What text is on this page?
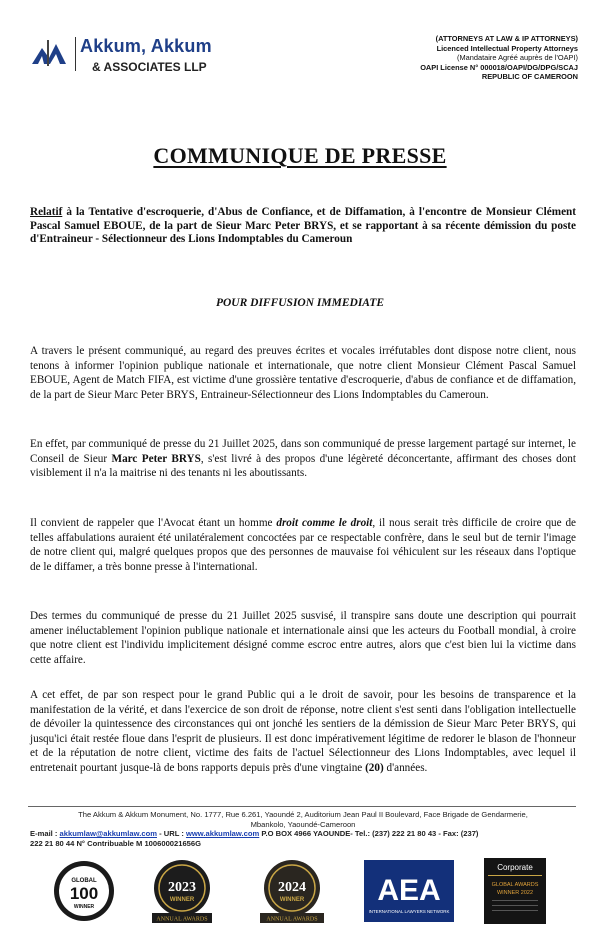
Akkum, Akkum
& ASSOCIATES LLP
(ATTORNEYS AT LAW & IP ATTORNEYS)
Licenced Intellectual Property Attorneys
(Mandataire Agréé auprès de l'OAPI)
OAPI License N° 000018/OAPI/DG/DPG/SCAJ
REPUBLIC OF CAMEROON
COMMUNIQUE DE PRESSE
Relatif à la Tentative d'escroquerie, d'Abus de Confiance, et de Diffamation, à l'encontre de Monsieur Clément Pascal Samuel EBOUE, de la part de Sieur Marc Peter BRYS, et se rapportant à sa récente démission du poste d'Entraineur - Sélectionneur des Lions Indomptables du Cameroun
POUR DIFFUSION IMMEDIATE
A travers le présent communiqué, au regard des preuves écrites et vocales irréfutables dont dispose notre client, nous tenons à informer l'opinion publique nationale et internationale, que notre client Monsieur Clément Pascal Samuel EBOUE, Agent de Match FIFA, est victime d'une grossière tentative d'escroquerie, d'abus de confiance et de diffamation, de la part de Sieur Marc Peter BRYS, Entraineur-Sélectionneur des Lions Indomptables du Cameroun.
En effet, par communiqué de presse du 21 Juillet 2025, dans son communiqué de presse largement partagé sur internet, le Conseil de Sieur Marc Peter BRYS, s'est livré à des propos d'une légèreté déconcertante, affirmant des choses dont visiblement il n'a la maitrise ni des tenants ni les aboutissants.
Il convient de rappeler que l'Avocat étant un homme droit comme le droit, il nous serait très difficile de croire que de telles affabulations auraient été unilatéralement concoctées par ce respectable confrère, dans le seul but de ternir l'image de notre client qui, malgré quelques propos que des personnes de mauvaise foi véhiculent sur les réseaux dans l'optique de le diffamer, a très bonne presse à l'international.
Des termes du communiqué de presse du 21 Juillet 2025 susvisé, il transpire sans doute une description qui pourrait amener inéluctablement l'opinion publique nationale et internationale ainsi que les acteurs du Football mondial, à croire que notre client est l'individu implicitement désigné comme escroc entre autres, alors que c'est bien lui la victime dans cette affaire.
A cet effet, de par son respect pour le grand Public qui a le droit de savoir, pour les besoins de transparence et la manifestation de la vérité, et dans l'exercice de son droit de réponse, notre client s'est senti dans l'obligation intellectuelle de dévoiler la quintessence des circonstances qui ont jonché les sentiers de la démission de Sieur Marc Peter BRYS, qui jusqu'ici était restée floue dans l'esprit de plusieurs. Il est donc impérativement légitime de redorer le blason de l'honneur et de la réputation de notre client, victime des faits de l'actuel Sélectionneur des Lions Indomptables, avec lequel il entretenait pourtant jusque-là de bons rapports depuis près d'une vingtaine (20) d'années.
The Akkum & Akkum Monument, No. 1777, Rue 6.261, Yaoundé 2, Auditorium Jean Paul II Boulevard, Face Brigade de Gendarmerie,
Mbankolo, Yaoundé-Cameroon
E-mail : akkumlaw@akkumlaw.com - URL : www.akkumlaw.com P.O BOX 4966 YAOUNDE- Tel.: (237) 222 21 80 43 - Fax: (237)
222 21 80 44 N° Contribuable M 100600021656G
GLOBAL
100
WINNER
2023
WINNER
ANNUAL AWARDS
2024
WINNER
ANNUAL AWARDS
AEA
INTERNATIONAL LAWYERS NETWORK
Corporate
GLOBAL AWARDS
WINNER 2022
